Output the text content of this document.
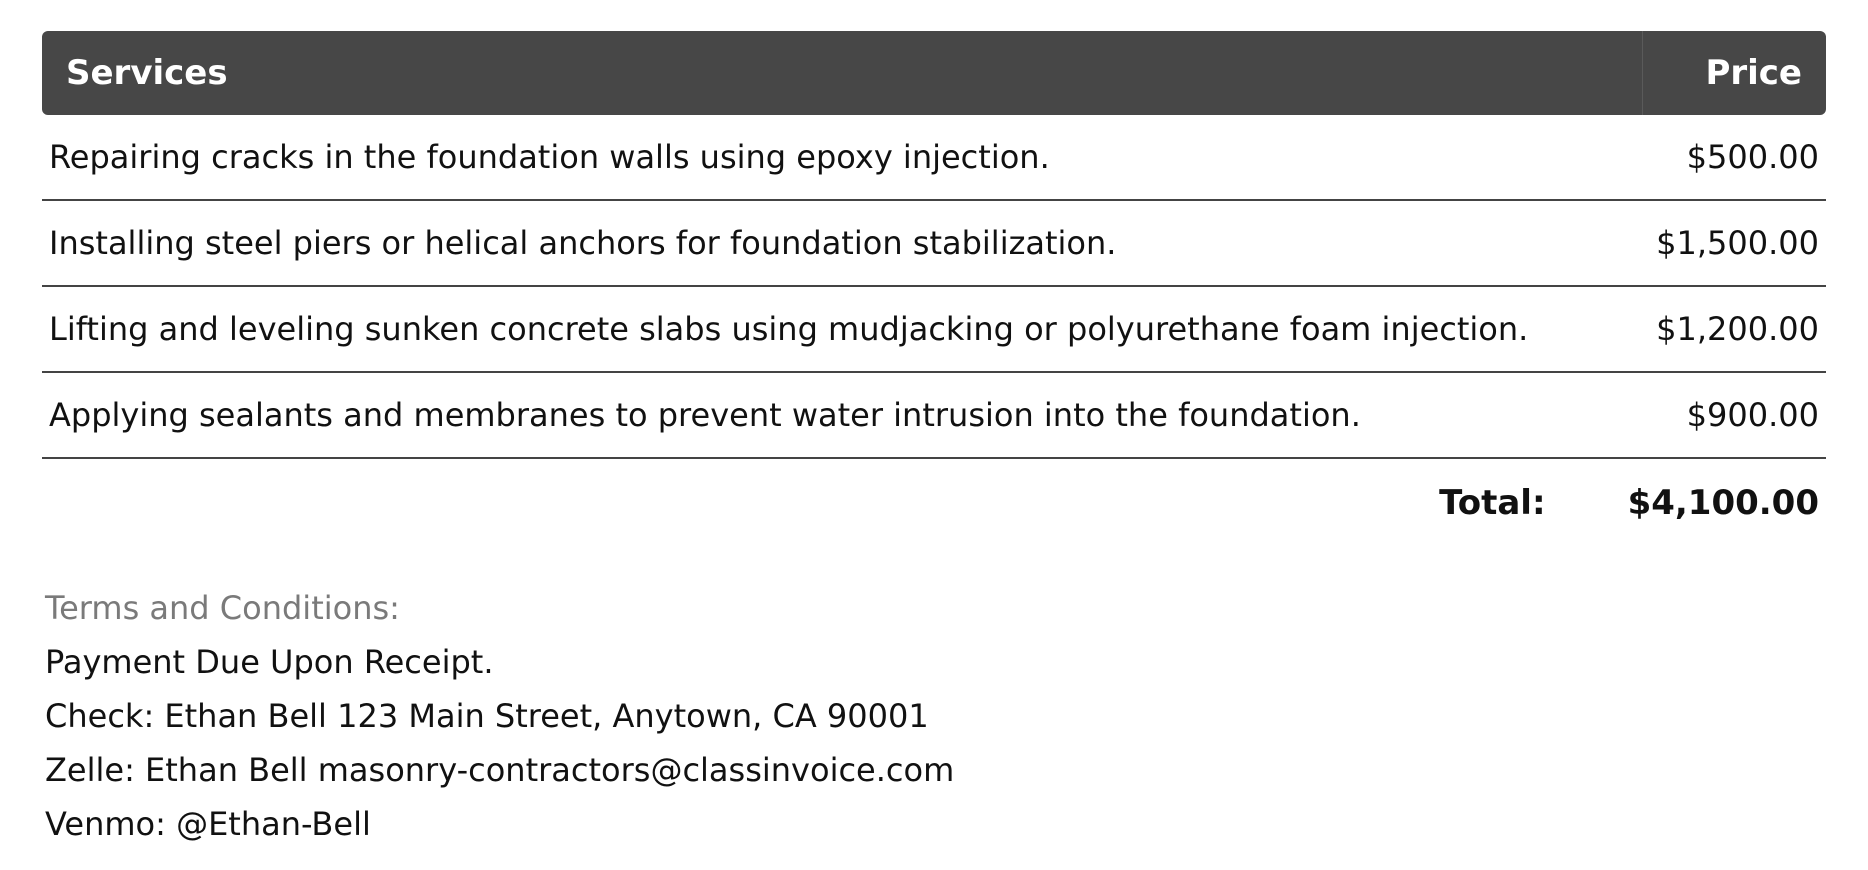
Services	Price
Repairing cracks in the foundation walls using epoxy injection.	$500.00
Installing steel piers or helical anchors for foundation stabilization.	$1,500.00
Lifting and leveling sunken concrete slabs using mudjacking or polyurethane foam injection.	$1,200.00
Applying sealants and membranes to prevent water intrusion into the foundation.	$900.00
Total: $4,100.00
Terms and Conditions:
Payment Due Upon Receipt.
Check: Ethan Bell 123 Main Street, Anytown, CA 90001
Zelle: Ethan Bell masonry-contractors@classinvoice.com
Venmo: @Ethan-Bell
